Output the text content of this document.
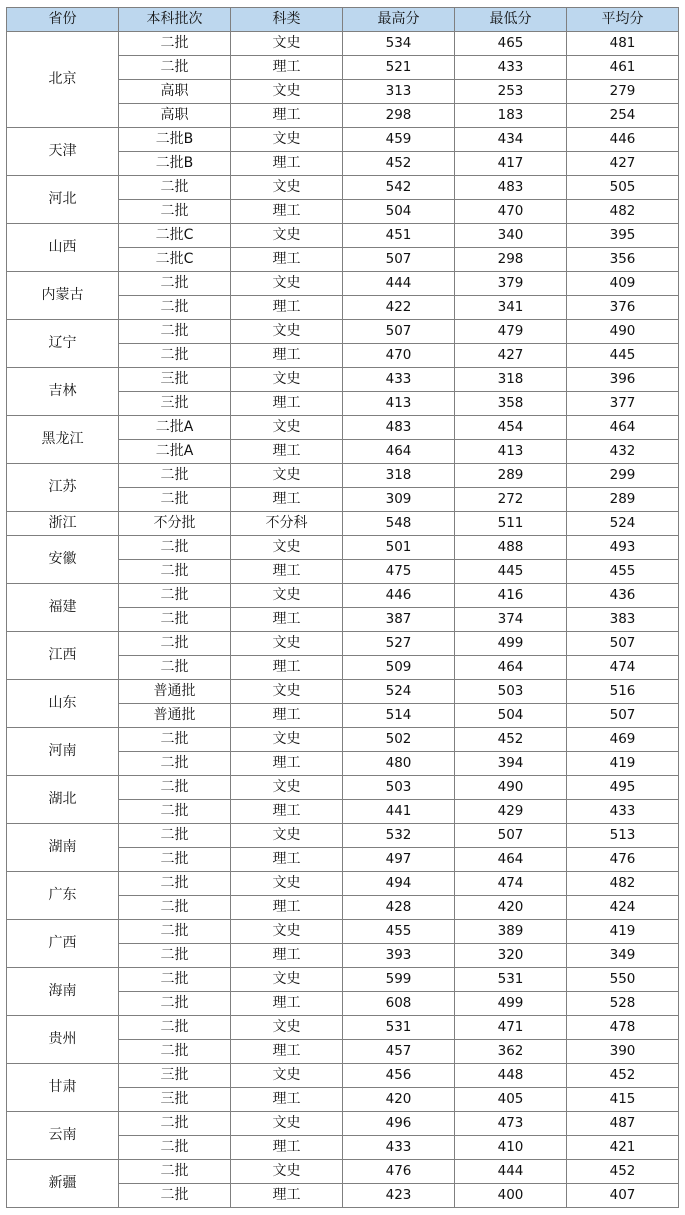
省份	本科批次	科类	最高分	最低分	平均分
北京	二批	文史	534	465	481
	二批	理工	521	433	461
	高职	文史	313	253	279
	高职	理工	298	183	254
天津	二批B	文史	459	434	446
	二批B	理工	452	417	427
河北	二批	文史	542	483	505
	二批	理工	504	470	482
山西	二批C	文史	451	340	395
	二批C	理工	507	298	356
内蒙古	二批	文史	444	379	409
	二批	理工	422	341	376
辽宁	二批	文史	507	479	490
	二批	理工	470	427	445
吉林	三批	文史	433	318	396
	三批	理工	413	358	377
黑龙江	二批A	文史	483	454	464
	二批A	理工	464	413	432
江苏	二批	文史	318	289	299
	二批	理工	309	272	289
浙江	不分批	不分科	548	511	524
安徽	二批	文史	501	488	493
	二批	理工	475	445	455
福建	二批	文史	446	416	436
	二批	理工	387	374	383
江西	二批	文史	527	499	507
	二批	理工	509	464	474
山东	普通批	文史	524	503	516
	普通批	理工	514	504	507
河南	二批	文史	502	452	469
	二批	理工	480	394	419
湖北	二批	文史	503	490	495
	二批	理工	441	429	433
湖南	二批	文史	532	507	513
	二批	理工	497	464	476
广东	二批	文史	494	474	482
	二批	理工	428	420	424
广西	二批	文史	455	389	419
	二批	理工	393	320	349
海南	二批	文史	599	531	550
	二批	理工	608	499	528
贵州	二批	文史	531	471	478
	二批	理工	457	362	390
甘肃	三批	文史	456	448	452
	三批	理工	420	405	415
云南	二批	文史	496	473	487
	二批	理工	433	410	421
新疆	二批	文史	476	444	452
	二批	理工	423	400	407
